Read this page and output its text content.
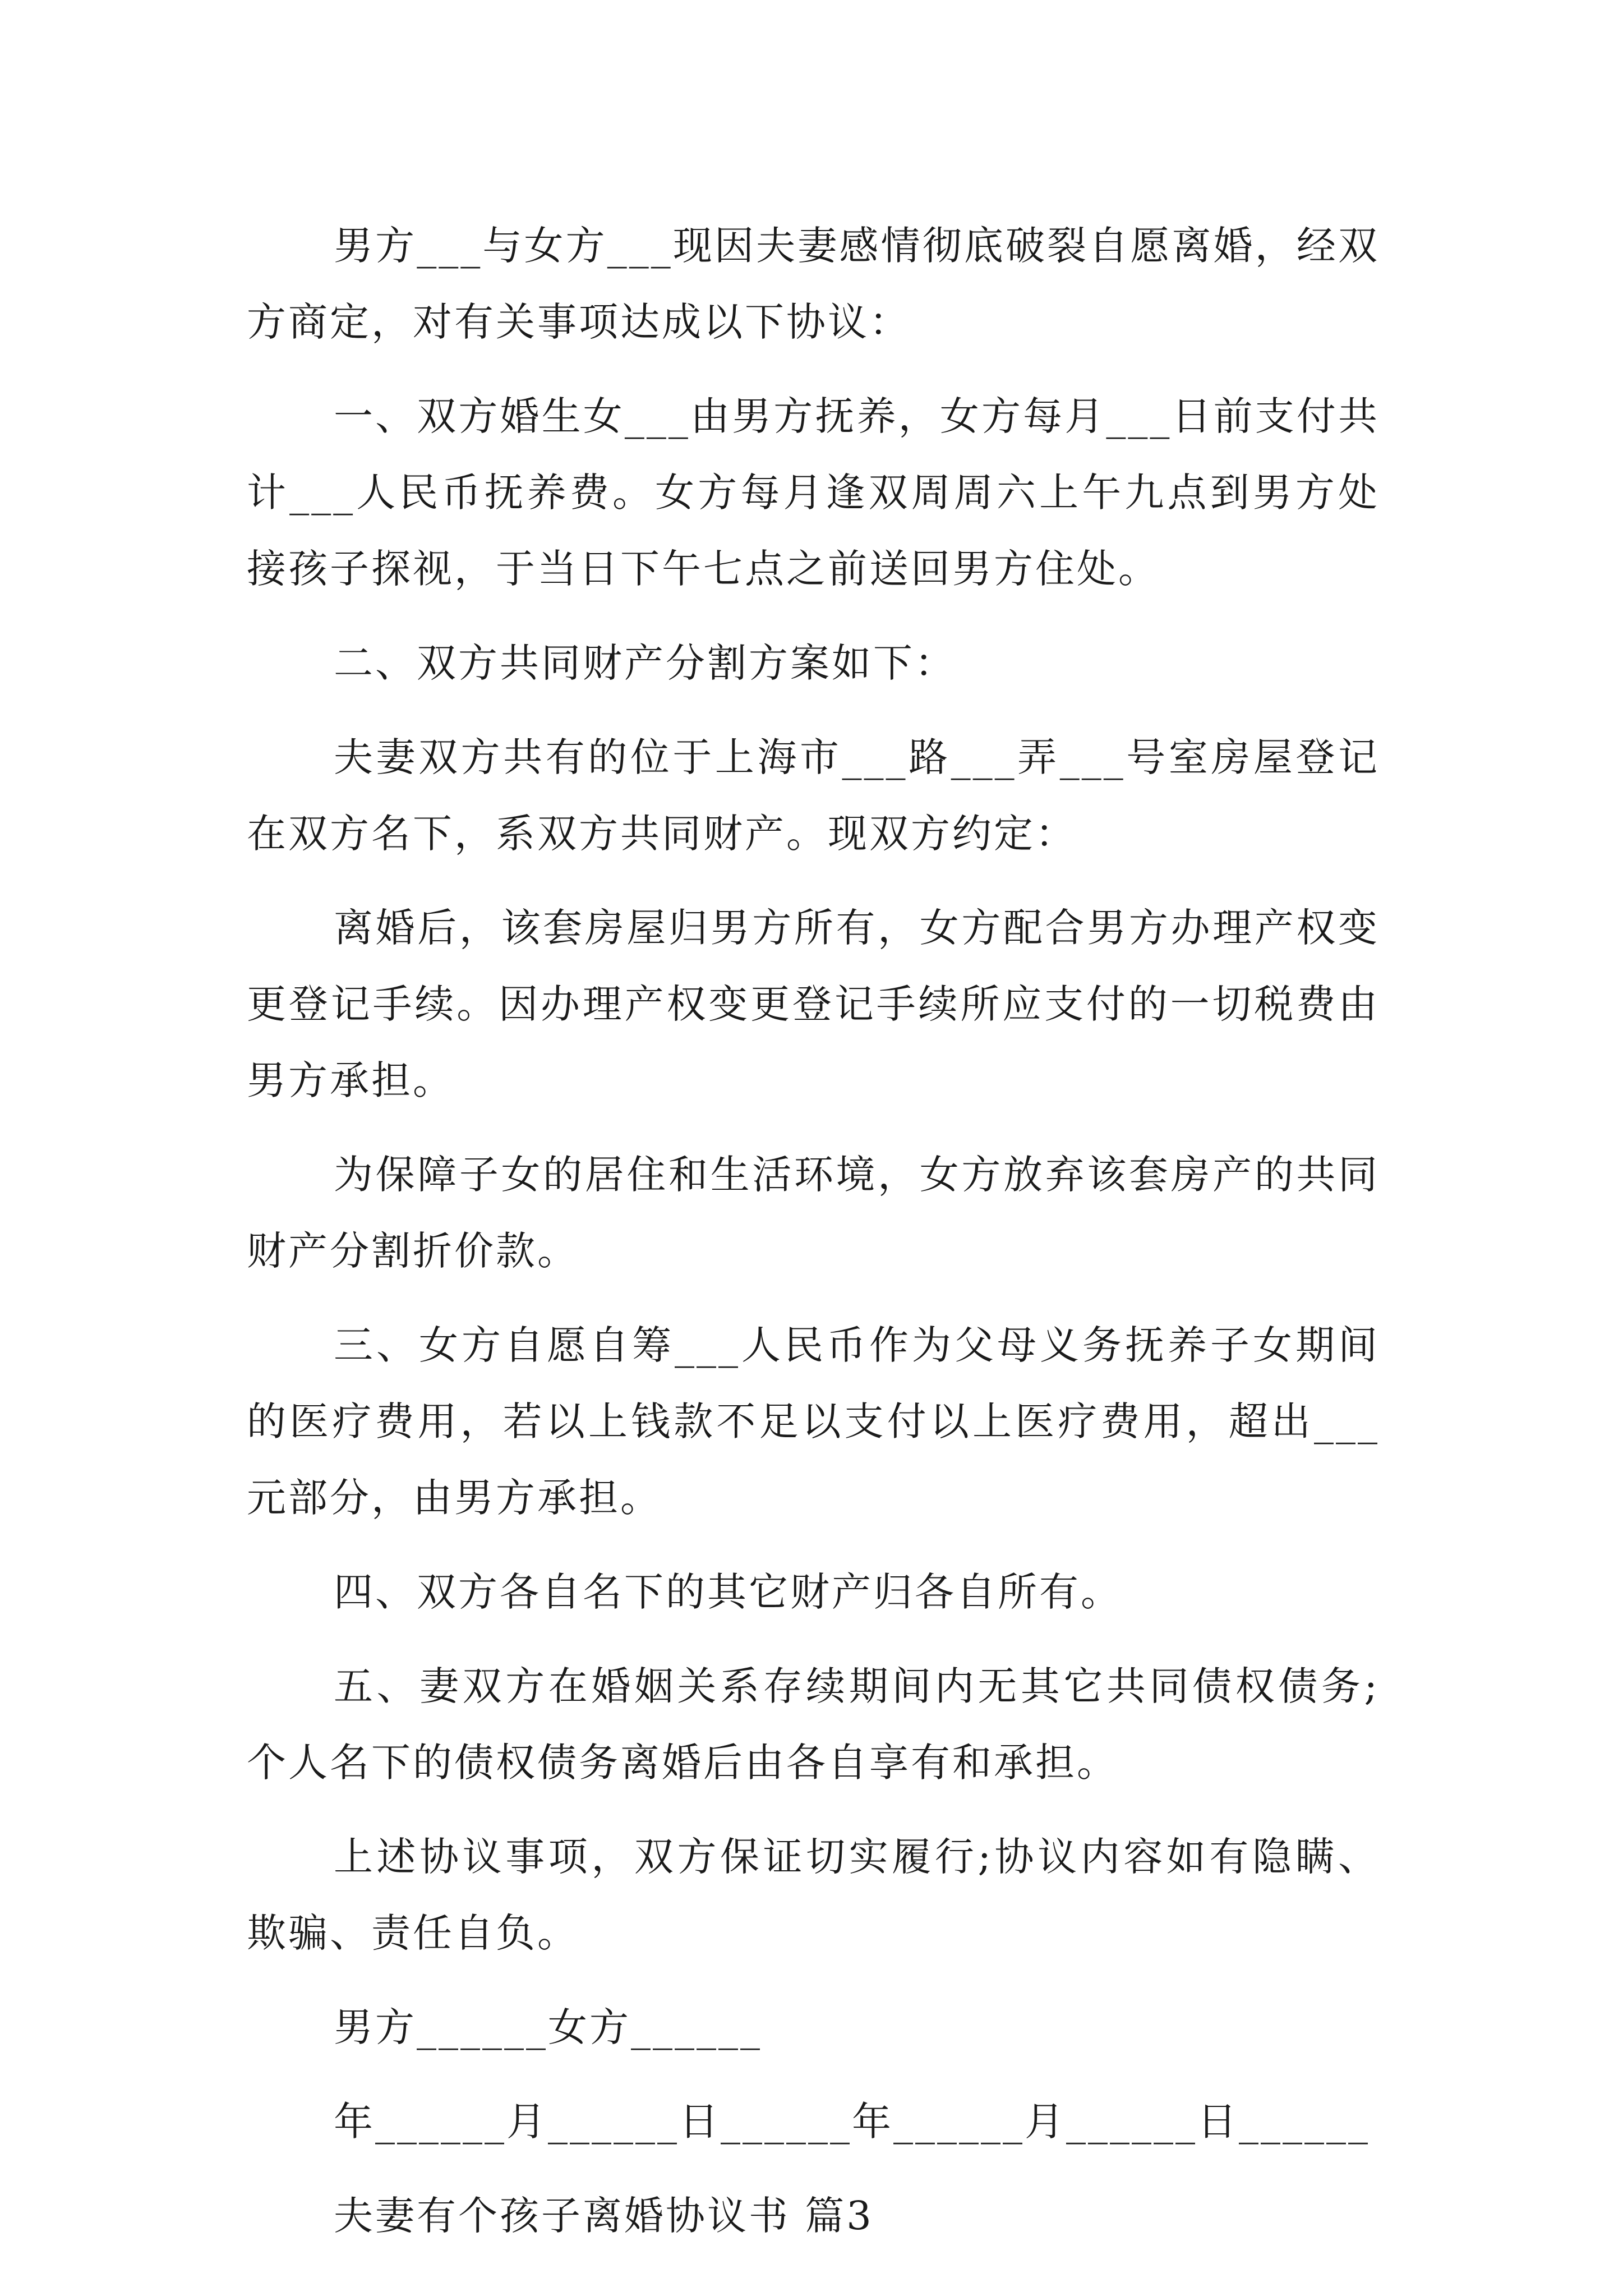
男方___与女方___现因夫妻感情彻底破裂自愿离婚，经双方商定，对有关事项达成以下协议：

一、双方婚生女___由男方抚养，女方每月___日前支付共计___人民币抚养费。女方每月逢双周周六上午九点到男方处接孩子探视，于当日下午七点之前送回男方住处。

二、双方共同财产分割方案如下：

夫妻双方共有的位于上海市___路___弄___号室房屋登记在双方名下，系双方共同财产。现双方约定：

离婚后，该套房屋归男方所有，女方配合男方办理产权变更登记手续。因办理产权变更登记手续所应支付的一切税费由男方承担。

为保障子女的居住和生活环境，女方放弃该套房产的共同财产分割折价款。

三、女方自愿自筹___人民币作为父母义务抚养子女期间的医疗费用，若以上钱款不足以支付以上医疗费用，超出___元部分，由男方承担。

四、双方各自名下的其它财产归各自所有。

五、妻双方在婚姻关系存续期间内无其它共同债权债务;个人名下的债权债务离婚后由各自享有和承担。

上述协议事项，双方保证切实履行;协议内容如有隐瞒、欺骗、责任自负。

男方______女方______

年______月______日______年______月______日______

夫妻有个孩子离婚协议书 篇3
